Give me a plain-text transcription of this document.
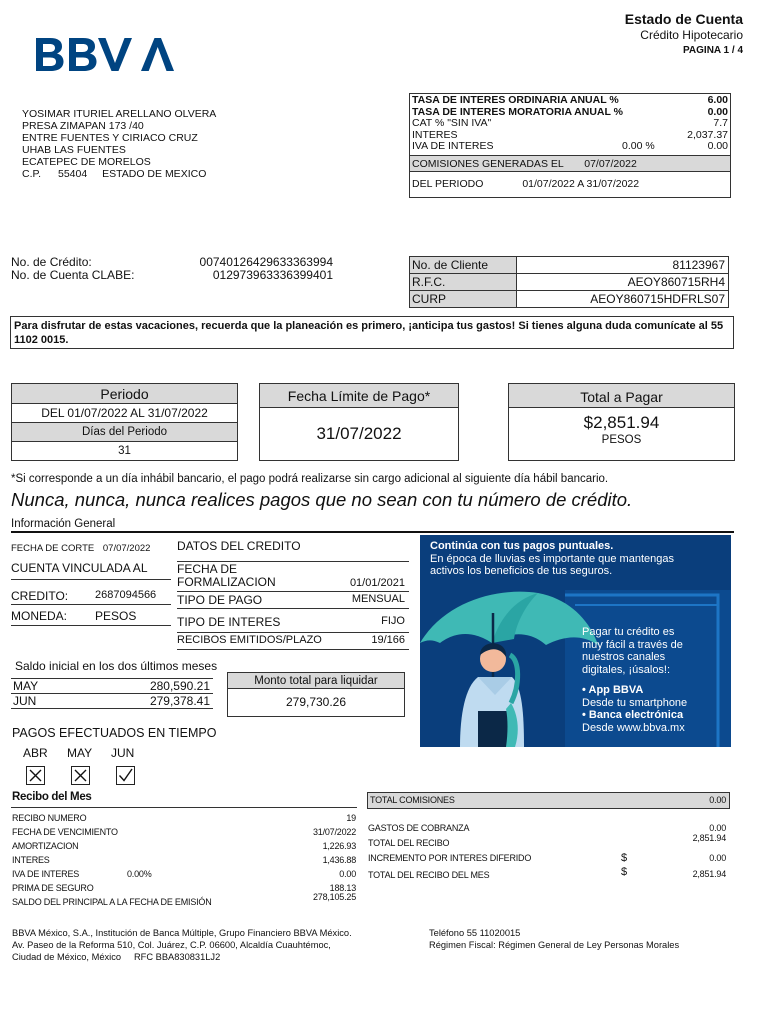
Estado de Cuenta
Crédito Hipotecario
PAGINA 1 / 4
YOSIMAR ITURIEL ARELLANO OLVERA
PRESA ZIMAPAN 173 /40
ENTRE FUENTES Y CIRIACO CRUZ
UHAB LAS FUENTES
ECATEPEC DE MORELOS
C.P. 55404 ESTADO DE MEXICO
TASA DE INTERES ORDINARIA ANUAL %	6.00
TASA DE INTERES MORATORIA ANUAL %	0.00
CAT % "SIN IVA"	7.7
INTERES	2,037.37
IVA DE INTERES	0.00 %	0.00
COMISIONES GENERADAS EL 07/07/2022
DEL PERIODO	01/07/2022 A 31/07/2022
No. de Crédito:	00740126429633363994
No. de Cuenta CLABE:	012973963336399401
No. de Cliente	81123967
R.F.C.	AEOY860715RH4
CURP	AEOY860715HDFRLS07
Para disfrutar de estas vacaciones, recuerda que la planeación es primero, ¡anticipa tus gastos! Si tienes alguna duda comunícate al 55 1102 0015.
Periodo
DEL 01/07/2022 AL 31/07/2022
Días del Periodo
31
Fecha Límite de Pago*
31/07/2022
Total a Pagar
$2,851.94
PESOS
*Si corresponde a un día inhábil bancario, el pago podrá realizarse sin cargo adicional al siguiente día hábil bancario.
Nunca, nunca, nunca realices pagos que no sean con tu número de crédito.
Información General
FECHA DE CORTE 07/07/2022
CUENTA VINCULADA AL
CREDITO: 2687094566
MONEDA: PESOS
DATOS DEL CREDITO
FECHA DE
FORMALIZACION	01/01/2021
TIPO DE PAGO	MENSUAL
TIPO DE INTERES	FIJO
RECIBOS EMITIDOS/PLAZO	19/166
Saldo inicial en los dos últimos meses
MAY	280,590.21
JUN	279,378.41
Monto total para liquidar
279,730.26
PAGOS EFECTUADOS EN TIEMPO
ABR MAY JUN
Continúa con tus pagos puntuales.
En época de lluvias es importante que mantengas
activos los beneficios de tus seguros.
Pagar tu crédito es
muy fácil a través de
nuestros canales
digitales, ¡úsalos!:
• App BBVA
Desde tu smartphone
• Banca electrónica
Desde www.bbva.mx
Recibo del Mes
RECIBO NUMERO	19
FECHA DE VENCIMIENTO	31/07/2022
AMORTIZACION	1,226.93
INTERES	1,436.88
IVA DE INTERES	0.00%	0.00
PRIMA DE SEGURO	188.13
SALDO DEL PRINCIPAL A LA FECHA DE EMISIÓN	278,105.25
TOTAL COMISIONES	0.00
GASTOS DE COBRANZA	0.00
TOTAL DEL RECIBO	2,851.94
INCREMENTO POR INTERES DIFERIDO	$	0.00
TOTAL DEL RECIBO DEL MES	$	2,851.94
BBVA México, S.A., Institución de Banca Múltiple, Grupo Financiero BBVA México.
Av. Paseo de la Reforma 510, Col. Juárez, C.P. 06600, Alcaldía Cuauhtémoc,
Ciudad de México, México     RFC BBA830831LJ2
Teléfono 55 11020015
Régimen Fiscal: Régimen General de Ley Personas Morales
